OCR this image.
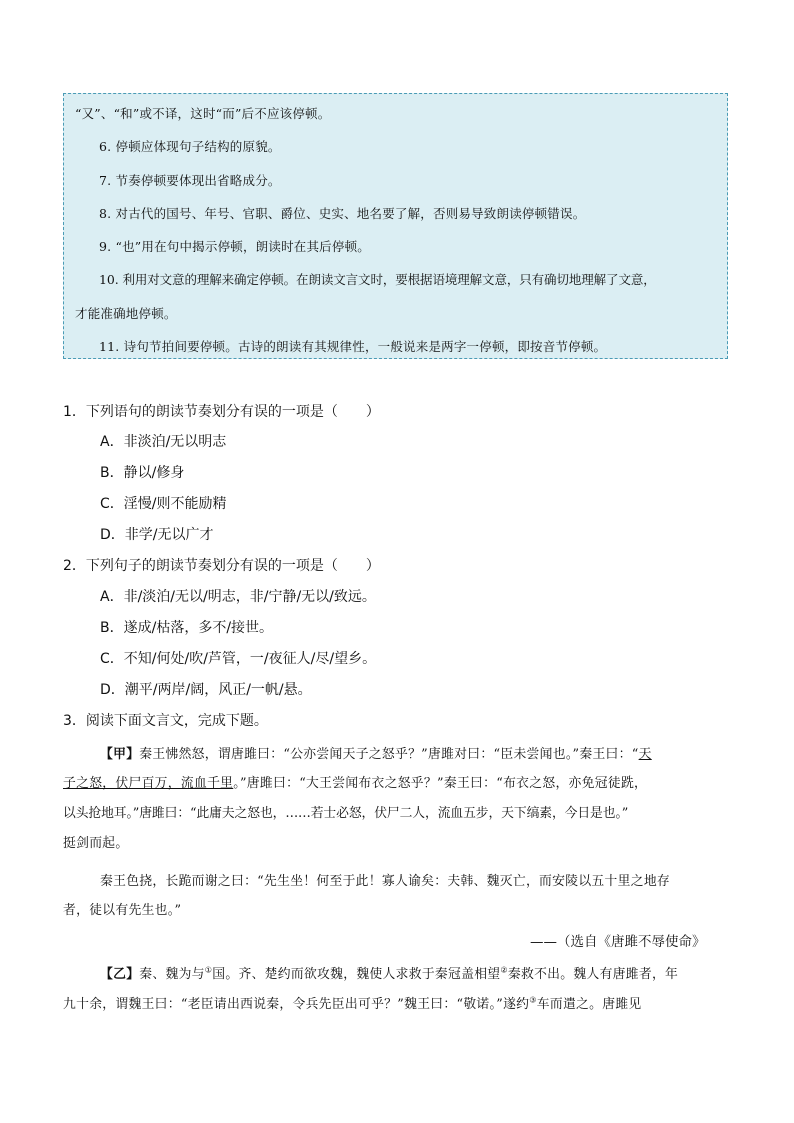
“又”、“和”或不译，这时“而”后不应该停顿。
6. 停顿应体现句子结构的原貌。
7. 节奏停顿要体现出省略成分。
8. 对古代的国号、年号、官职、爵位、史实、地名要了解，否则易导致朗读停顿错误。
9. “也”用在句中揭示停顿，朗读时在其后停顿。
10. 利用对文意的理解来确定停顿。在朗读文言文时，要根据语境理解文意，只有确切地理解了文意，
才能准确地停顿。
11. 诗句节拍间要停顿。古诗的朗读有其规律性，一般说来是两字一停顿，即按音节停顿。
1．下列语句的朗读节奏划分有误的一项是（　　）
A．非淡泊/无以明志
B．静以/修身
C．淫慢/则不能励精
D．非学/无以广才
2．下列句子的朗读节奏划分有误的一项是（　　）
A．非/淡泊/无以/明志，非/宁静/无以/致远。
B．遂成/枯落，多不/接世。
C．不知/何处/吹/芦管，一/夜征人/尽/望乡。
D．潮平/两岸/阔，风正/一帆/悬。
3．阅读下面文言文，完成下题。
【甲】秦王怫然怒，谓唐雎曰：“公亦尝闻天子之怒乎？”唐雎对曰：“臣未尝闻也。”秦王曰：“天
子之怒，伏尸百万，流血千里。”唐雎曰：“大王尝闻布衣之怒乎？”秦王曰：“布衣之怒，亦免冠徒跣，
以头抢地耳。”唐雎曰：“此庸夫之怒也，……若士必怒，伏尸二人，流血五步，天下缟素，今日是也。”
挺剑而起。
秦王色挠，长跪而谢之曰：“先生坐！何至于此！寡人谕矣：夫韩、魏灭亡，而安陵以五十里之地存
者，徒以有先生也。”
——（选自《唐雎不辱使命》
【乙】秦、魏为与①国。齐、楚约而欲攻魏，魏使人求救于秦冠盖相望②秦救不出。魏人有唐雎者，年
九十余，谓魏王曰：“老臣请出西说秦，令兵先臣出可乎？”魏王曰：“敬诺。”遂约③车而遣之。唐雎见
